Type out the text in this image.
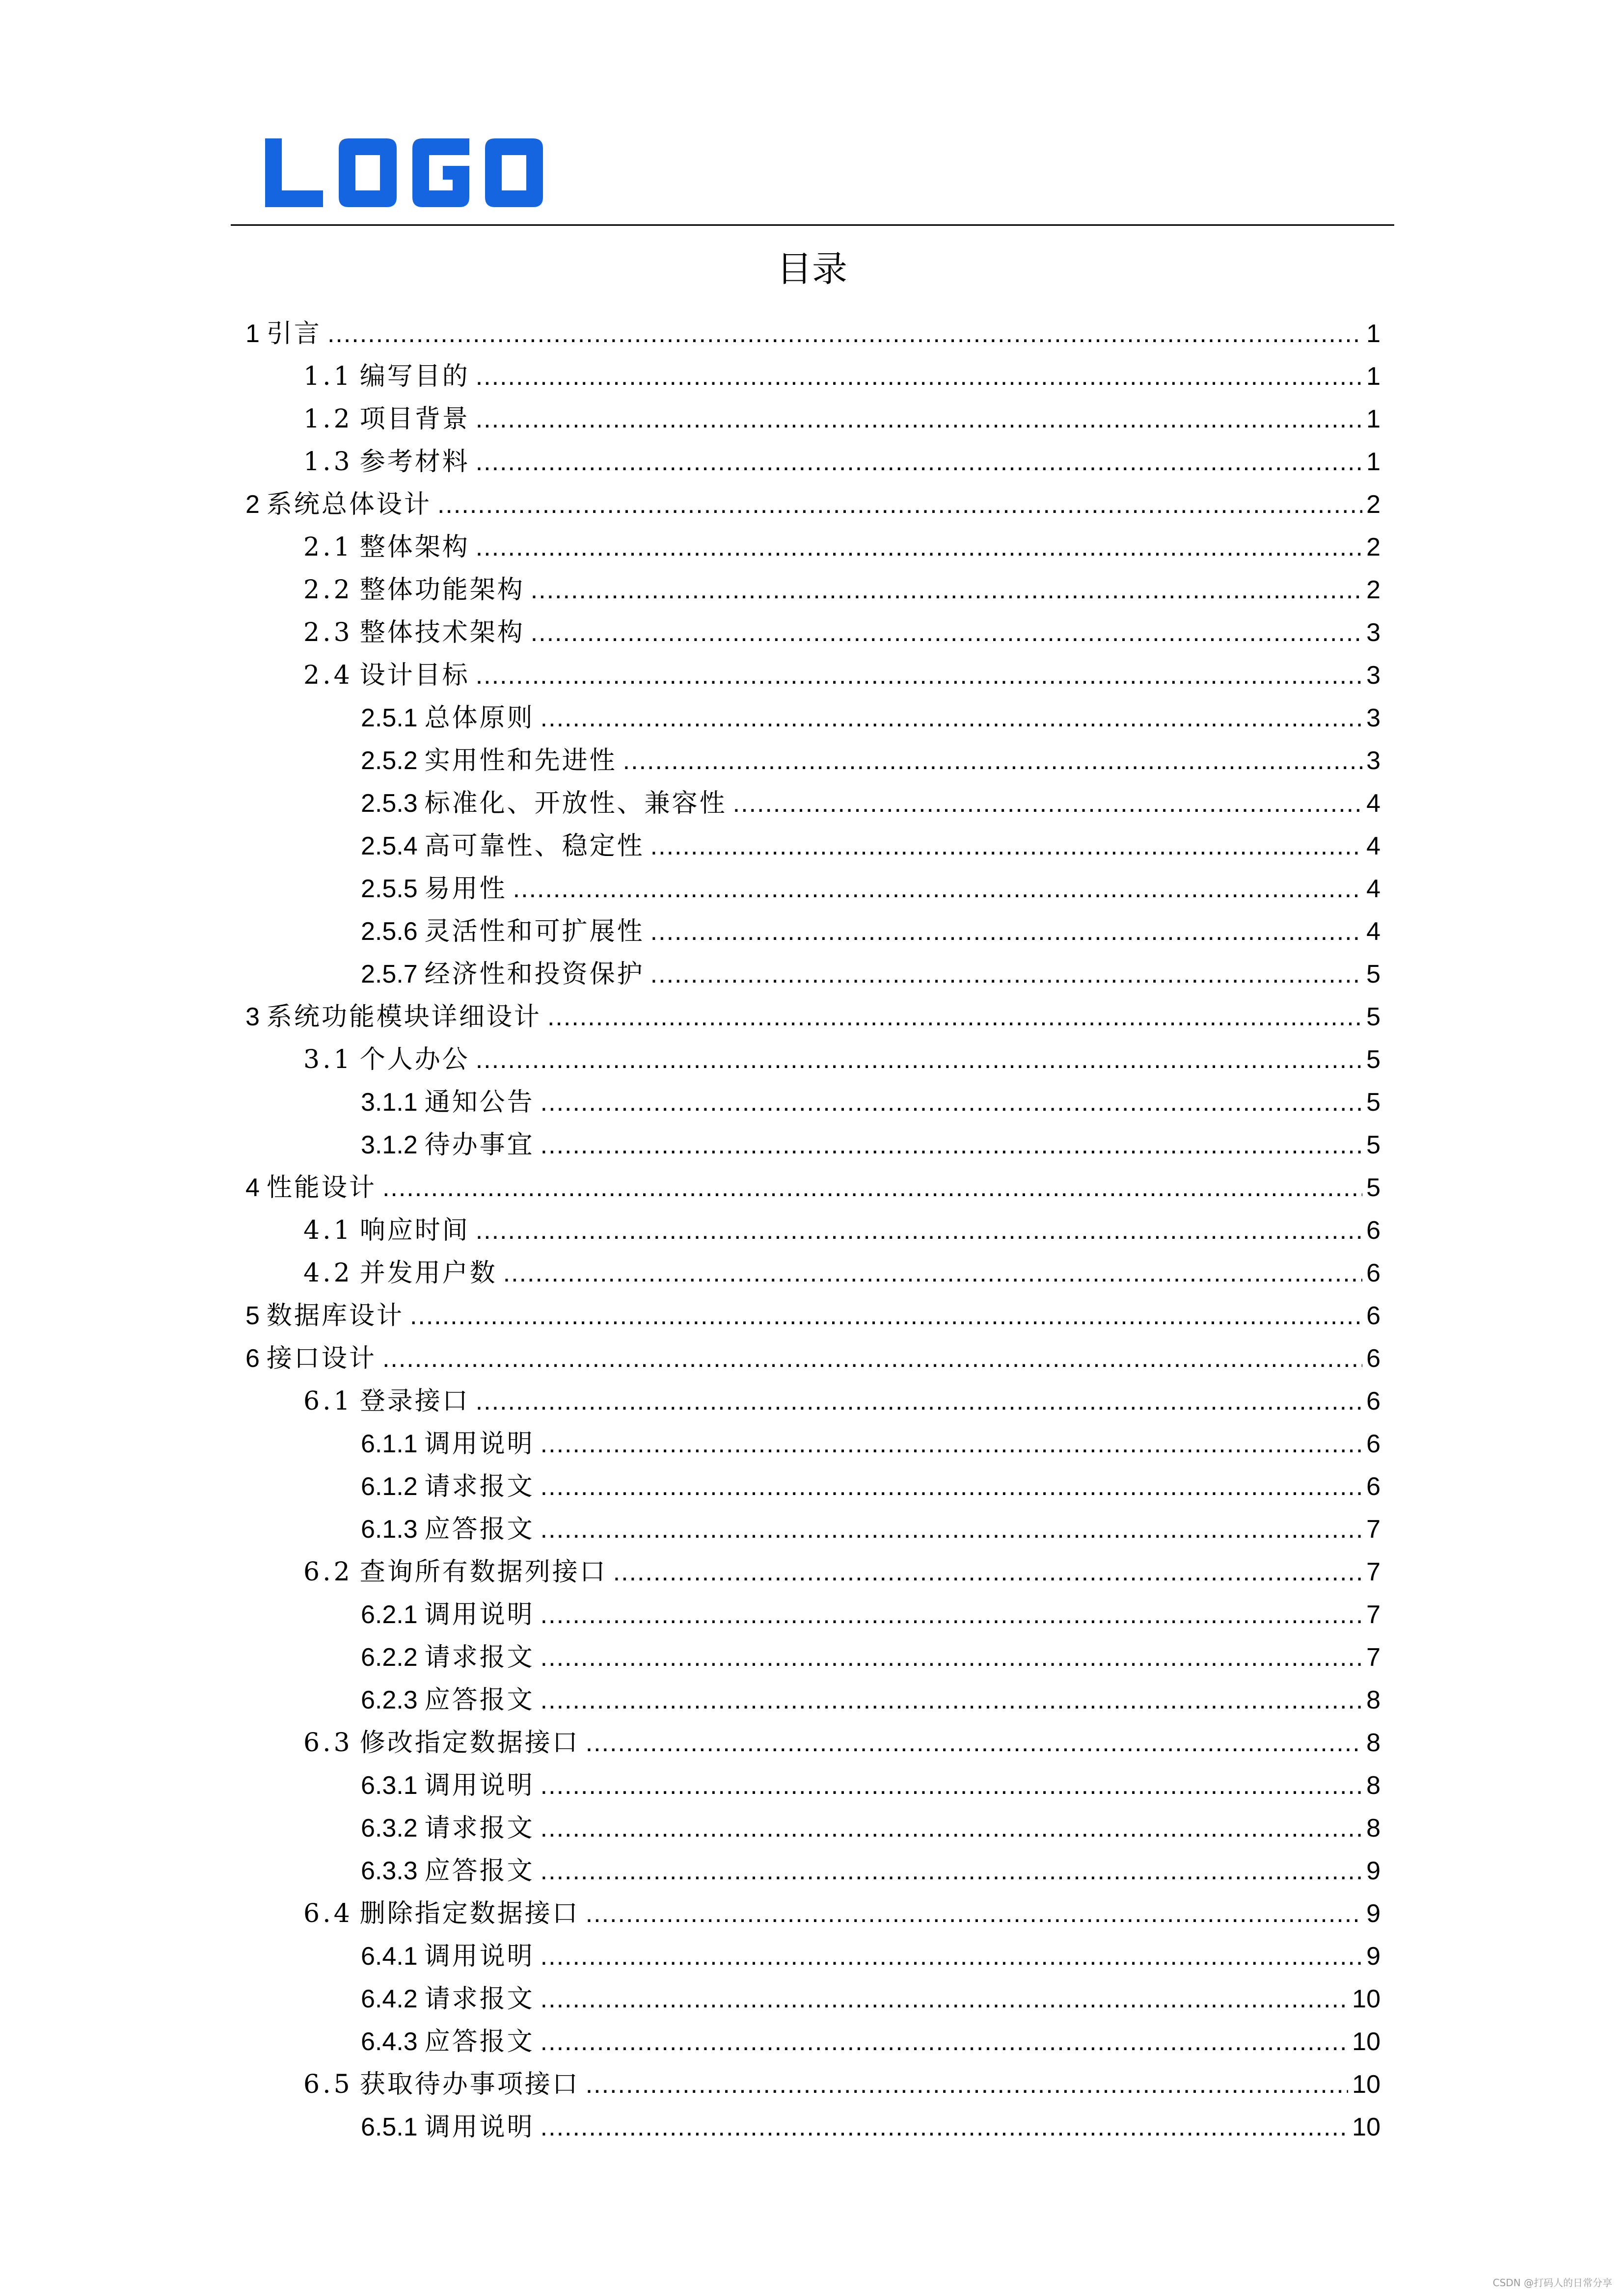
目录
1 引言 .....	1
1.1 编写目的 .....	1
1.2 项目背景 .....	1
1.3 参考材料 .....	1
2 系统总体设计 .....	2
2.1 整体架构 .....	2
2.2 整体功能架构 .....	2
2.3 整体技术架构 .....	3
2.4 设计目标 .....	3
2.5.1 总体原则 .....	3
2.5.2 实用性和先进性 .....	3
2.5.3 标准化、开放性、兼容性 .....	4
2.5.4 高可靠性、稳定性 .....	4
2.5.5 易用性 .....	4
2.5.6 灵活性和可扩展性 .....	4
2.5.7 经济性和投资保护 .....	5
3 系统功能模块详细设计 .....	5
3.1 个人办公 .....	5
3.1.1 通知公告 .....	5
3.1.2 待办事宜 .....	5
4 性能设计 .....	5
4.1 响应时间 .....	6
4.2 并发用户数 .....	6
5 数据库设计 .....	6
6 接口设计 .....	6
6.1 登录接口 .....	6
6.1.1 调用说明 .....	6
6.1.2 请求报文 .....	6
6.1.3 应答报文 .....	7
6.2 查询所有数据列接口 .....	7
6.2.1 调用说明 .....	7
6.2.2 请求报文 .....	7
6.2.3 应答报文 .....	8
6.3 修改指定数据接口 .....	8
6.3.1 调用说明 .....	8
6.3.2 请求报文 .....	8
6.3.3 应答报文 .....	9
6.4 删除指定数据接口 .....	9
6.4.1 调用说明 .....	9
6.4.2 请求报文 .....	10
6.4.3 应答报文 .....	10
6.5 获取待办事项接口 .....	10
6.5.1 调用说明 .....	10
CSDN @打码人的日常分享
